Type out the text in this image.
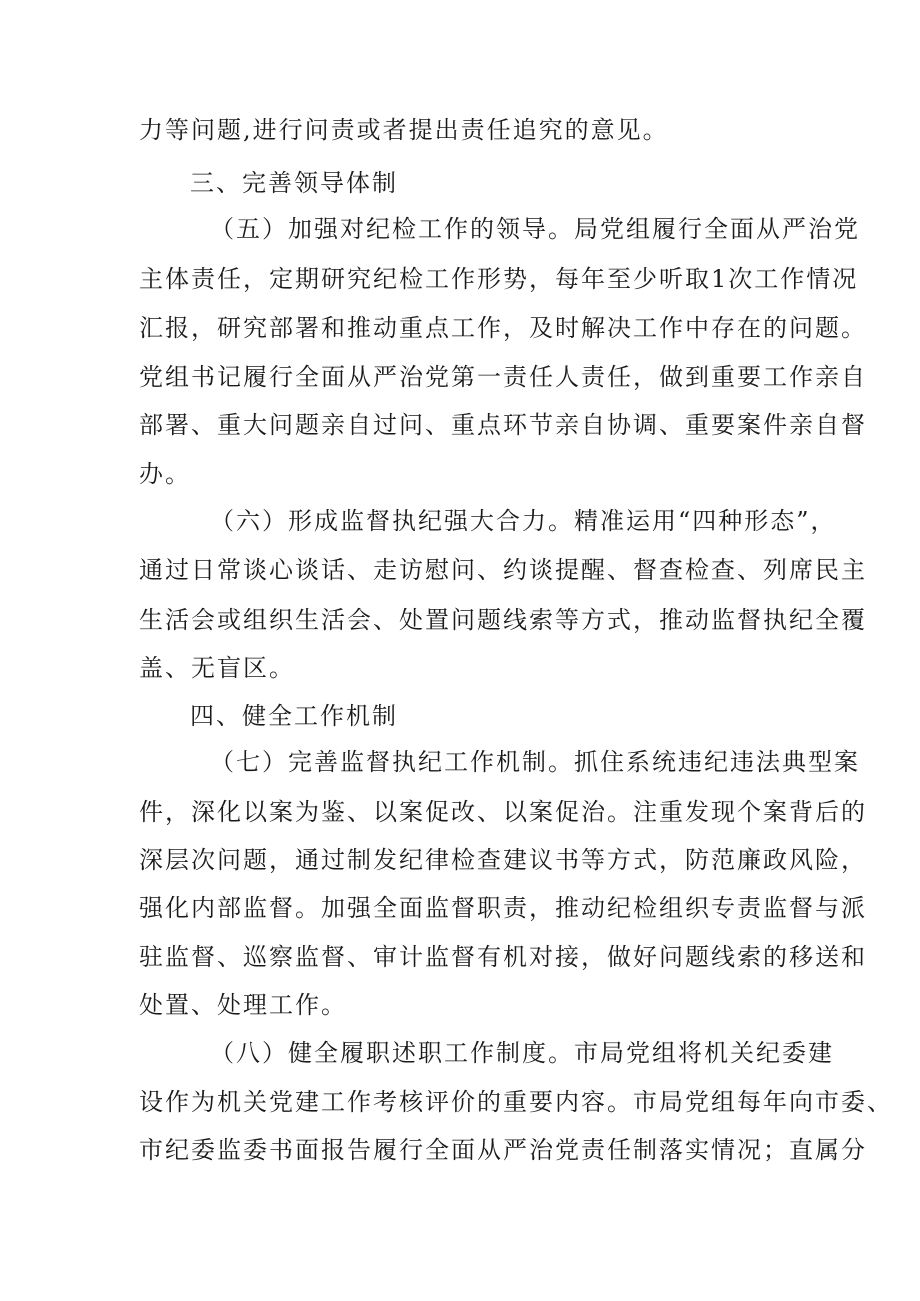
力等问题,进行问责或者提出责任追究的意见。
三、完善领导体制
（五）加强对纪检工作的领导。局党组履行全面从严治党
主体责任，定期研究纪检工作形势，每年至少听取1次工作情况
汇报，研究部署和推动重点工作，及时解决工作中存在的问题。
党组书记履行全面从严治党第一责任人责任，做到重要工作亲自
部署、重大问题亲自过问、重点环节亲自协调、重要案件亲自督
办。
（六）形成监督执纪强大合力。精准运用“四种形态”，
通过日常谈心谈话、走访慰问、约谈提醒、督查检查、列席民主
生活会或组织生活会、处置问题线索等方式，推动监督执纪全覆
盖、无盲区。
四、健全工作机制
（七）完善监督执纪工作机制。抓住系统违纪违法典型案
件，深化以案为鉴、以案促改、以案促治。注重发现个案背后的
深层次问题，通过制发纪律检查建议书等方式，防范廉政风险，
强化内部监督。加强全面监督职责，推动纪检组织专责监督与派
驻监督、巡察监督、审计监督有机对接，做好问题线索的移送和
处置、处理工作。
（八）健全履职述职工作制度。市局党组将机关纪委建
设作为机关党建工作考核评价的重要内容。市局党组每年向市委、
市纪委监委书面报告履行全面从严治党责任制落实情况；直属分
